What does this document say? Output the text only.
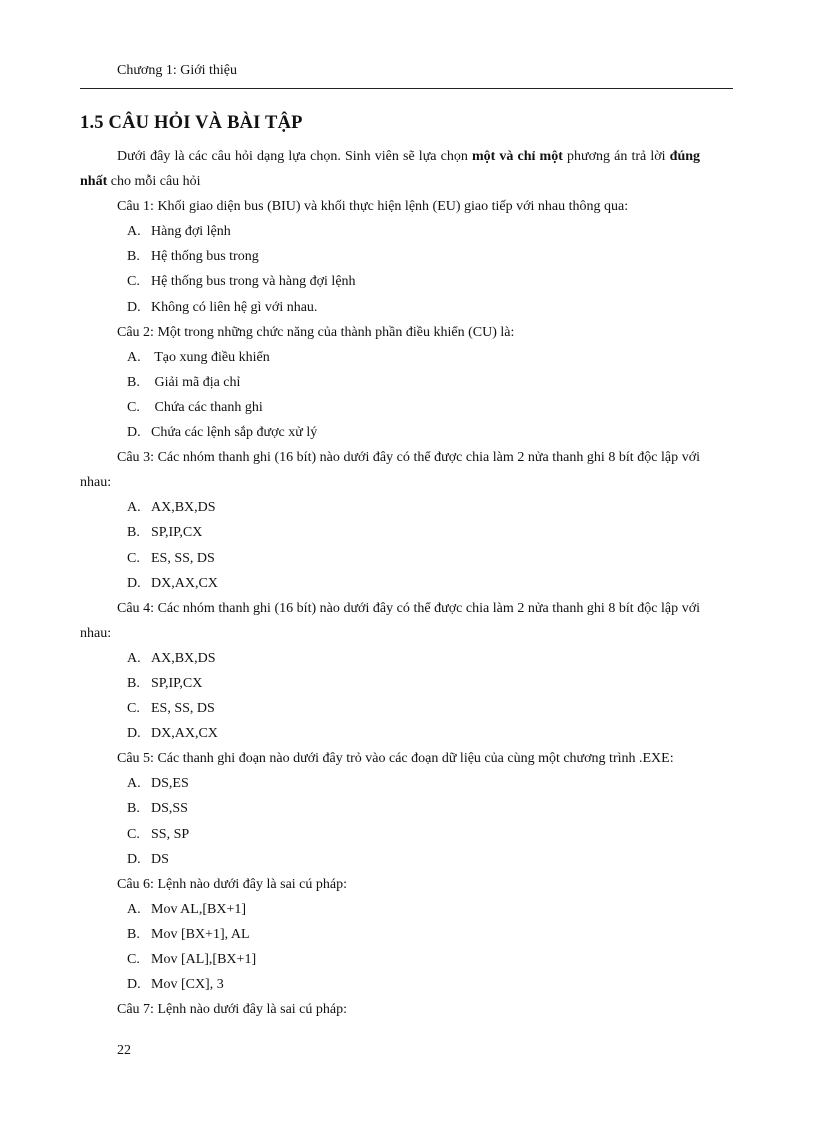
Chương 1: Giới thiệu
1.5 CÂU HỎI VÀ BÀI TẬP

Dưới đây là các câu hỏi dạng lựa chọn. Sinh viên sẽ lựa chọn một và chỉ một phương án trả lời đúng nhất cho mỗi câu hỏi

Câu 1: Khối giao diện bus (BIU) và khối thực hiện lệnh (EU) giao tiếp với nhau thông qua:

A. Hàng đợi lệnh

B. Hệ thống bus trong

C. Hệ thống bus trong và hàng đợi lệnh

D. Không có liên hệ gì với nhau.

Câu 2: Một trong những chức năng của thành phần điều khiển (CU) là:

A. Tạo xung điều khiển

B. Giải mã địa chỉ

C. Chứa các thanh ghi

D. Chứa các lệnh sắp được xử lý

Câu 3: Các nhóm thanh ghi (16 bít) nào dưới đây có thể được chia làm 2 nửa thanh ghi 8 bít độc lập với nhau:

A. AX,BX,DS

B. SP,IP,CX

C. ES, SS, DS

D. DX,AX,CX

Câu 4: Các nhóm thanh ghi (16 bít) nào dưới đây có thể được chia làm 2 nửa thanh ghi 8 bít độc lập với nhau:

A. AX,BX,DS

B. SP,IP,CX

C. ES, SS, DS

D. DX,AX,CX

Câu 5: Các thanh ghi đoạn nào dưới đây trỏ vào các đoạn dữ liệu của cùng một chương trình .EXE:

A. DS,ES

B. DS,SS

C. SS, SP

D. DS

Câu 6: Lệnh nào dưới đây là sai cú pháp:

A. Mov AL,[BX+1]

B. Mov [BX+1], AL

C. Mov [AL],[BX+1]

D. Mov [CX], 3

Câu 7: Lệnh nào dưới đây là sai cú pháp:

22
